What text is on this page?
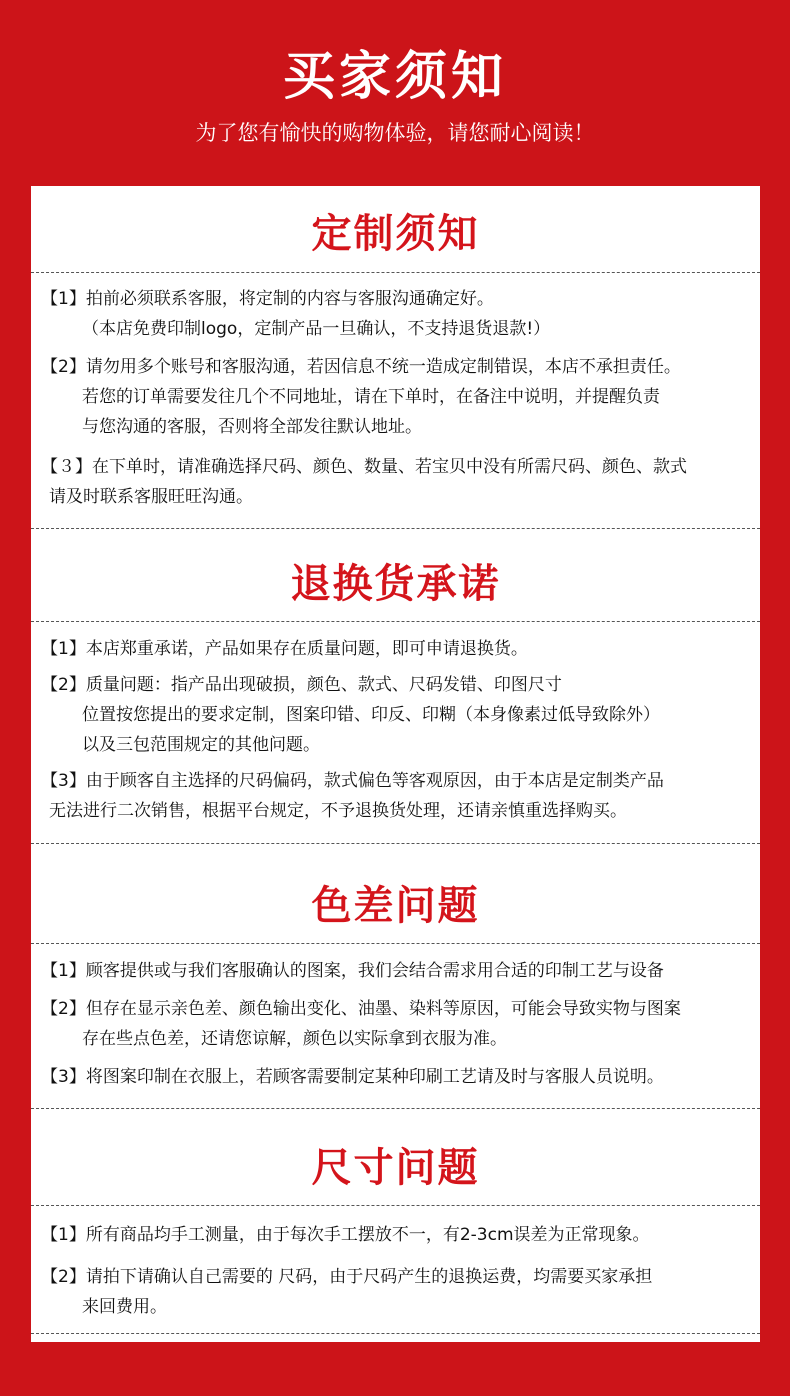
买家须知
为了您有愉快的购物体验，请您耐心阅读！
定制须知
【1】拍前必须联系客服，将定制的内容与客服沟通确定好。
（本店免费印制logo，定制产品一旦确认，不支持退货退款!）
【2】请勿用多个账号和客服沟通，若因信息不统一造成定制错误，本店不承担责任。
若您的订单需要发往几个不同地址，请在下单时，在备注中说明，并提醒负责
与您沟通的客服，否则将全部发往默认地址。
【３】在下单时，请准确选择尺码、颜色、数量、若宝贝中没有所需尺码、颜色、款式
请及时联系客服旺旺沟通。
退换货承诺
【1】本店郑重承诺，产品如果存在质量问题，即可申请退换货。
【2】质量问题：指产品出现破损，颜色、款式、尺码发错、印图尺寸
位置按您提出的要求定制，图案印错、印反、印糊（本身像素过低导致除外）
以及三包范围规定的其他问题。
【3】由于顾客自主选择的尺码偏码，款式偏色等客观原因，由于本店是定制类产品
无法进行二次销售，根据平台规定，不予退换货处理，还请亲慎重选择购买。
色差问题
【1】顾客提供或与我们客服确认的图案，我们会结合需求用合适的印制工艺与设备
【2】但存在显示亲色差、颜色输出变化、油墨、染料等原因，可能会导致实物与图案
存在些点色差，还请您谅解，颜色以实际拿到衣服为准。
【3】将图案印制在衣服上，若顾客需要制定某种印刷工艺请及时与客服人员说明。
尺寸问题
【1】所有商品均手工测量，由于每次手工摆放不一，有2-3cm误差为正常现象。
【2】请拍下请确认自己需要的 尺码，由于尺码产生的退换运费，均需要买家承担
来回费用。
